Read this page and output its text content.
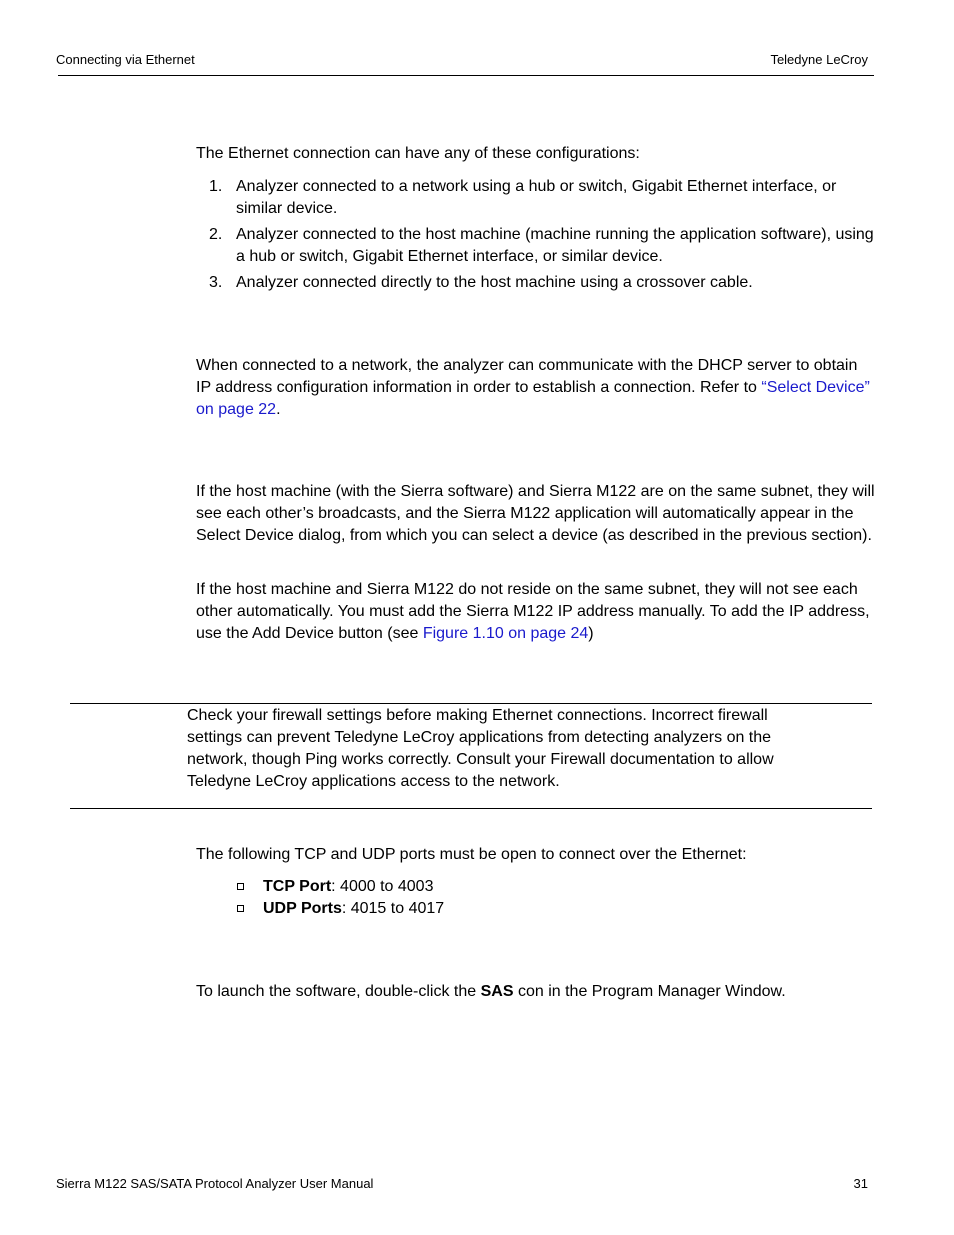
Connecting via Ethernet	Teledyne LeCroy
The Ethernet connection can have any of these configurations:
1. Analyzer connected to a network using a hub or switch, Gigabit Ethernet interface, or similar device.
2. Analyzer connected to the host machine (machine running the application software), using a hub or switch, Gigabit Ethernet interface, or similar device.
3. Analyzer connected directly to the host machine using a crossover cable.
When connected to a network, the analyzer can communicate with the DHCP server to obtain IP address configuration information in order to establish a connection. Refer to “Select Device” on page 22.
If the host machine (with the Sierra software) and Sierra M122 are on the same subnet, they will see each other’s broadcasts, and the Sierra M122 application will automatically appear in the Select Device dialog, from which you can select a device (as described in the previous section).
If the host machine and Sierra M122 do not reside on the same subnet, they will not see each other automatically. You must add the Sierra M122 IP address manually. To add the IP address, use the Add Device button (see Figure 1.10 on page 24)
Check your firewall settings before making Ethernet connections. Incorrect firewall settings can prevent Teledyne LeCroy applications from detecting analyzers on the network, though Ping works correctly. Consult your Firewall documentation to allow Teledyne LeCroy applications access to the network.
The following TCP and UDP ports must be open to connect over the Ethernet:
TCP Port: 4000 to 4003
UDP Ports: 4015 to 4017
To launch the software, double-click the SAS con in the Program Manager Window.
Sierra M122 SAS/SATA Protocol Analyzer User Manual	31
